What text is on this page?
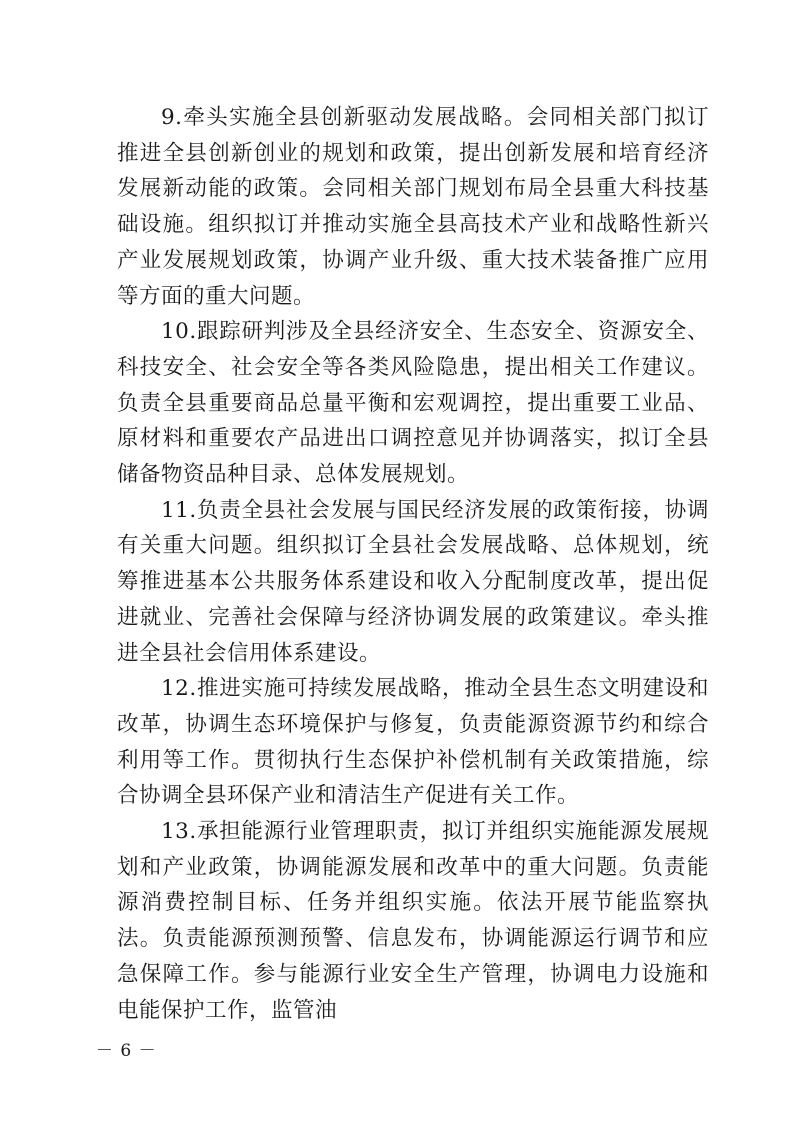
9.牵头实施全县创新驱动发展战略。会同相关部门拟订推进全县创新创业的规划和政策，提出创新发展和培育经济发展新动能的政策。会同相关部门规划布局全县重大科技基础设施。组织拟订并推动实施全县高技术产业和战略性新兴产业发展规划政策，协调产业升级、重大技术装备推广应用等方面的重大问题。

10.跟踪研判涉及全县经济安全、生态安全、资源安全、科技安全、社会安全等各类风险隐患，提出相关工作建议。负责全县重要商品总量平衡和宏观调控，提出重要工业品、原材料和重要农产品进出口调控意见并协调落实，拟订全县储备物资品种目录、总体发展规划。

11.负责全县社会发展与国民经济发展的政策衔接，协调有关重大问题。组织拟订全县社会发展战略、总体规划，统筹推进基本公共服务体系建设和收入分配制度改革，提出促进就业、完善社会保障与经济协调发展的政策建议。牵头推进全县社会信用体系建设。

12.推进实施可持续发展战略，推动全县生态文明建设和改革，协调生态环境保护与修复，负责能源资源节约和综合利用等工作。贯彻执行生态保护补偿机制有关政策措施，综合协调全县环保产业和清洁生产促进有关工作。

13.承担能源行业管理职责，拟订并组织实施能源发展规划和产业政策，协调能源发展和改革中的重大问题。负责能源消费控制目标、任务并组织实施。依法开展节能监察执法。负责能源预测预警、信息发布，协调能源运行调节和应急保障工作。参与能源行业安全生产管理，协调电力设施和电能保护工作，监管油

－ 6 －
